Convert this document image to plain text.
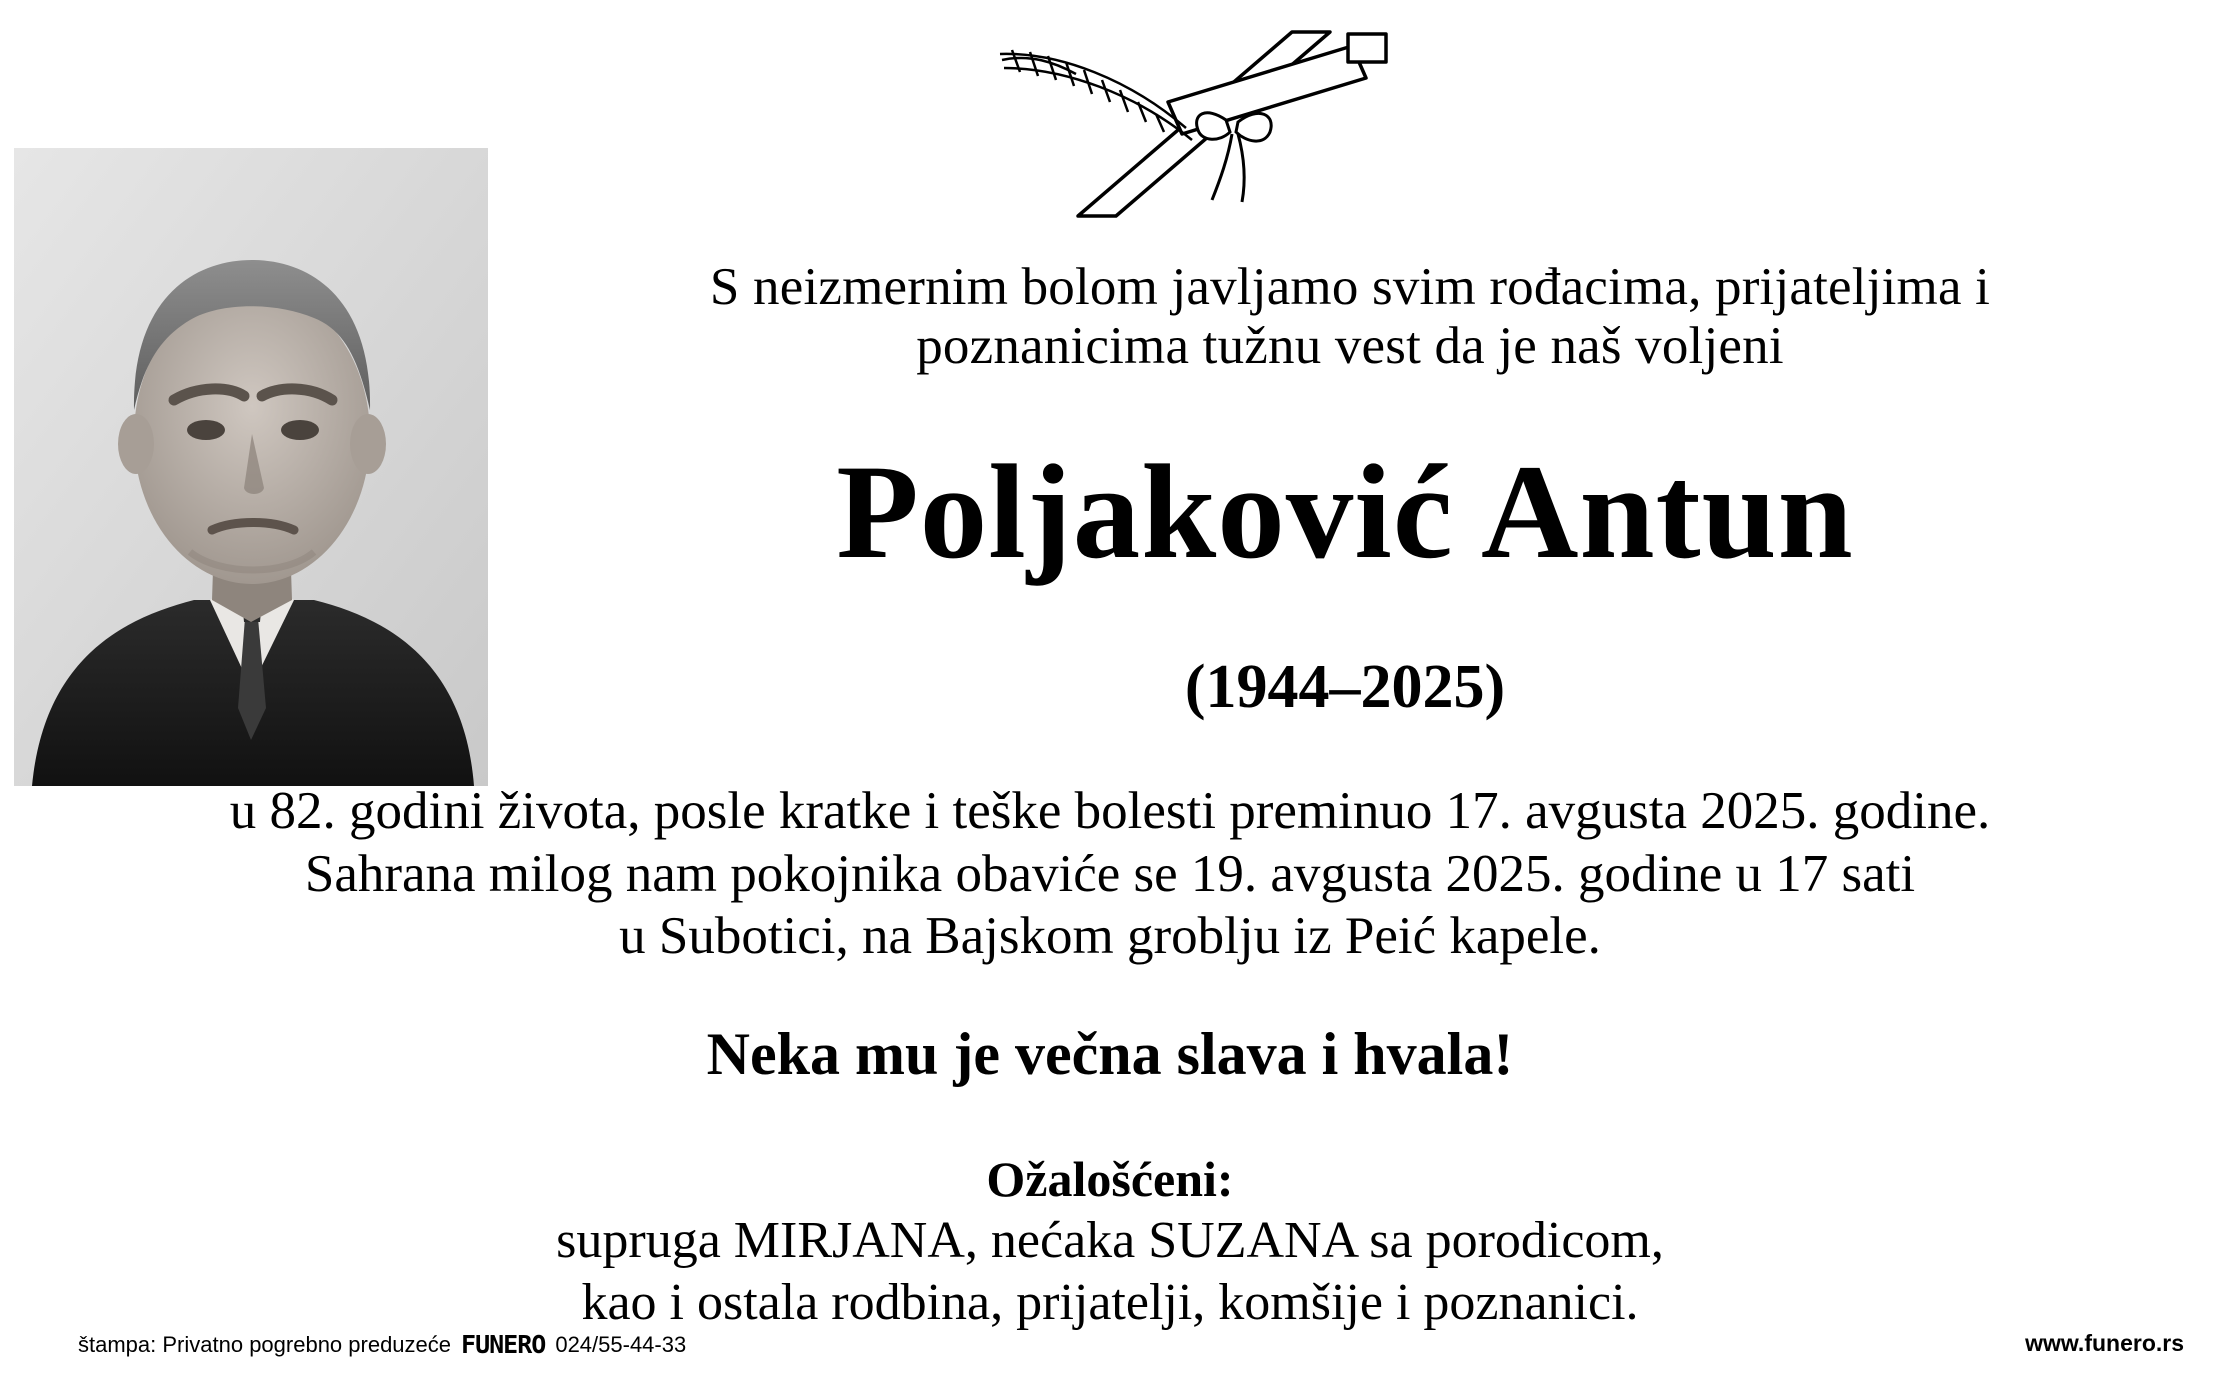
S neizmernim bolom javljamo svim rođacima, prijateljima i
poznanicima tužnu vest da je naš voljeni
Poljaković Antun
(1944–2025)
u 82. godini života, posle kratke i teške bolesti preminuo 17. avgusta 2025. godine.
Sahrana milog nam pokojnika obaviće se 19. avgusta 2025. godine u 17 sati
u Subotici, na Bajskom groblju iz Peić kapele.
Neka mu je večna slava i hvala!
Ožalošćeni:
supruga MIRJANA, nećaka SUZANA sa porodicom,
kao i ostala rodbina, prijatelji, komšije i poznanici.
štampa: Privatno pogrebno preduzeće FUNERO 024/55-44-33	www.funero.rs
